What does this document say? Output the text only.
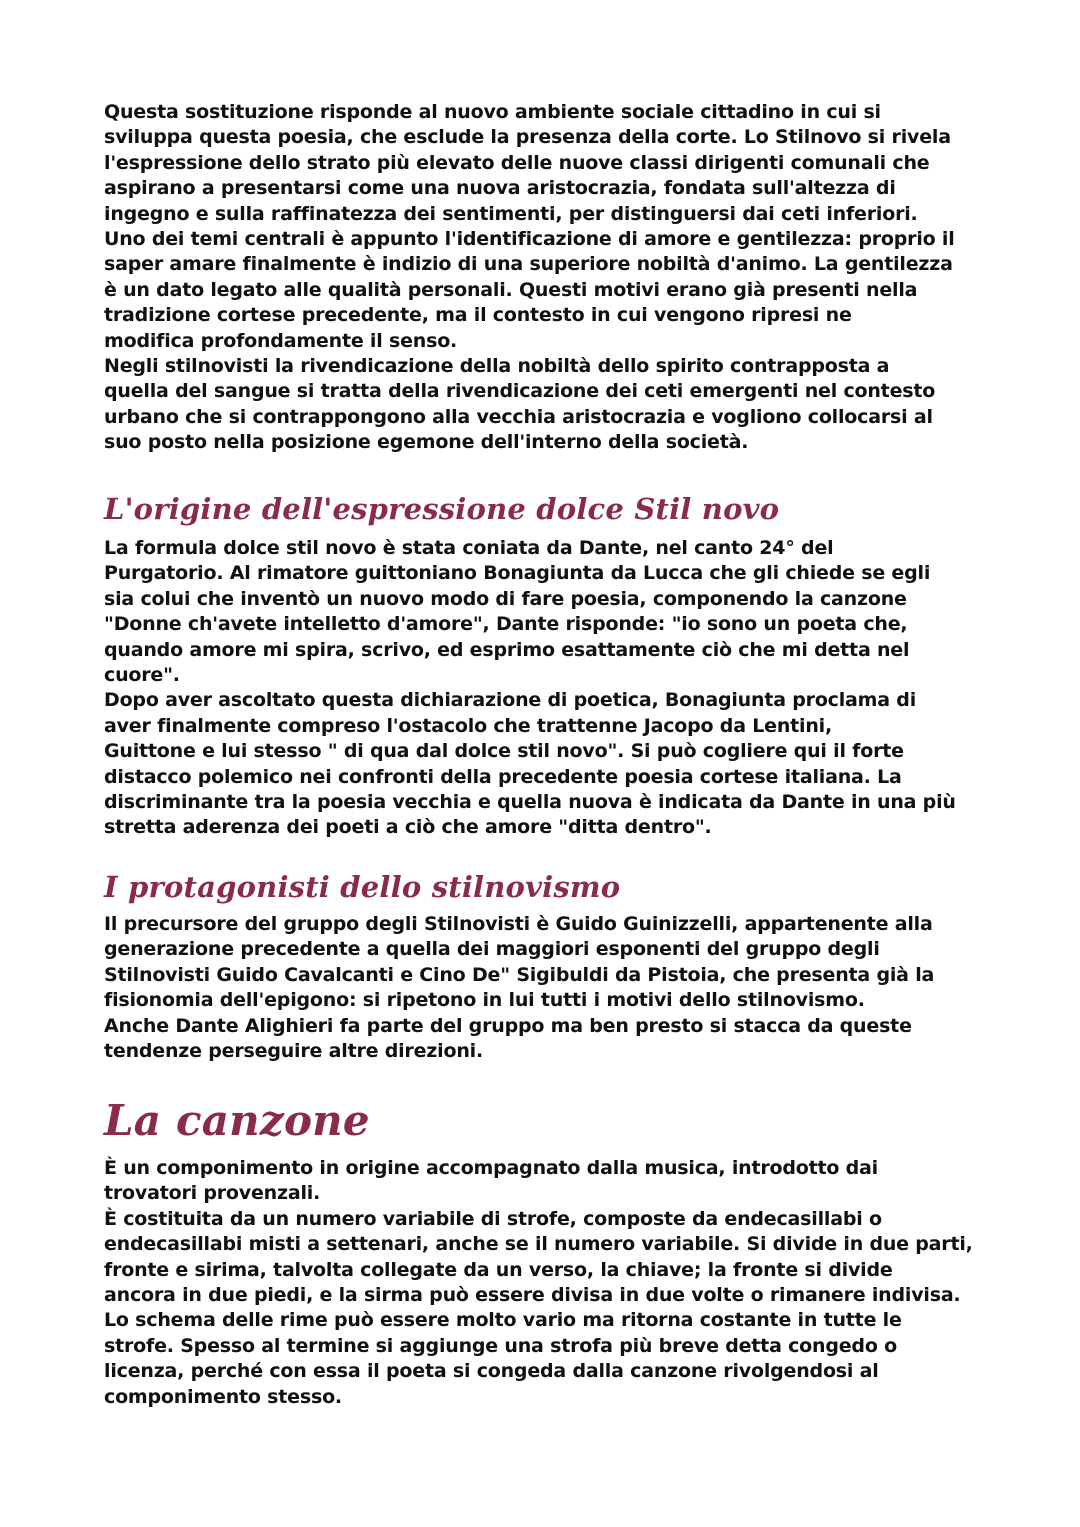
Questa sostituzione risponde al nuovo ambiente sociale cittadino in cui si

sviluppa questa poesia, che esclude la presenza della corte. Lo Stilnovo si rivela

l'espressione dello strato più elevato delle nuove classi dirigenti comunali che

aspirano a presentarsi come una nuova aristocrazia, fondata sull'altezza di

ingegno e sulla raffinatezza dei sentimenti, per distinguersi dai ceti inferiori.

Uno dei temi centrali è appunto l'identificazione di amore e gentilezza: proprio il

saper amare finalmente è indizio di una superiore nobiltà d'animo. La gentilezza

è un dato legato alle qualità personali. Questi motivi erano già presenti nella

tradizione cortese precedente, ma il contesto in cui vengono ripresi ne

modifica profondamente il senso.

Negli stilnovisti la rivendicazione della nobiltà dello spirito contrapposta a

quella del sangue si tratta della rivendicazione dei ceti emergenti nel contesto

urbano che si contrappongono alla vecchia aristocrazia e vogliono collocarsi al

suo posto nella posizione egemone dell'interno della società.

L'origine dell'espressione dolce Stil novo

La formula dolce stil novo è stata coniata da Dante, nel canto 24° del

Purgatorio. Al rimatore guittoniano Bonagiunta da Lucca che gli chiede se egli

sia colui che inventò un nuovo modo di fare poesia, componendo la canzone

"Donne ch'avete intelletto d'amore", Dante risponde: "io sono un poeta che,

quando amore mi spira, scrivo, ed esprimo esattamente ciò che mi detta nel

cuore".

Dopo aver ascoltato questa dichiarazione di poetica, Bonagiunta proclama di

aver finalmente compreso l'ostacolo che trattenne Jacopo da Lentini,

Guittone e lui stesso " di qua dal dolce stil novo". Si può cogliere qui il forte

distacco polemico nei confronti della precedente poesia cortese italiana. La

discriminante tra la poesia vecchia e quella nuova è indicata da Dante in una più

stretta aderenza dei poeti a ciò che amore "ditta dentro".

I protagonisti dello stilnovismo

Il precursore del gruppo degli Stilnovisti è Guido Guinizzelli, appartenente alla

generazione precedente a quella dei maggiori esponenti del gruppo degli

Stilnovisti Guido Cavalcanti e Cino De" Sigibuldi da Pistoia, che presenta già la

fisionomia dell'epigono: si ripetono in lui tutti i motivi dello stilnovismo.

Anche Dante Alighieri fa parte del gruppo ma ben presto si stacca da queste

tendenze perseguire altre direzioni.

La canzone

È un componimento in origine accompagnato dalla musica, introdotto dai

trovatori provenzali.

È costituita da un numero variabile di strofe, composte da endecasillabi o

endecasillabi misti a settenari, anche se il numero variabile. Si divide in due parti,

fronte e sirima, talvolta collegate da un verso, la chiave; la fronte si divide

ancora in due piedi, e la sirma può essere divisa in due volte o rimanere indivisa.

Lo schema delle rime può essere molto vario ma ritorna costante in tutte le

strofe. Spesso al termine si aggiunge una strofa più breve detta congedo o

licenza, perché con essa il poeta si congeda dalla canzone rivolgendosi al

componimento stesso.
